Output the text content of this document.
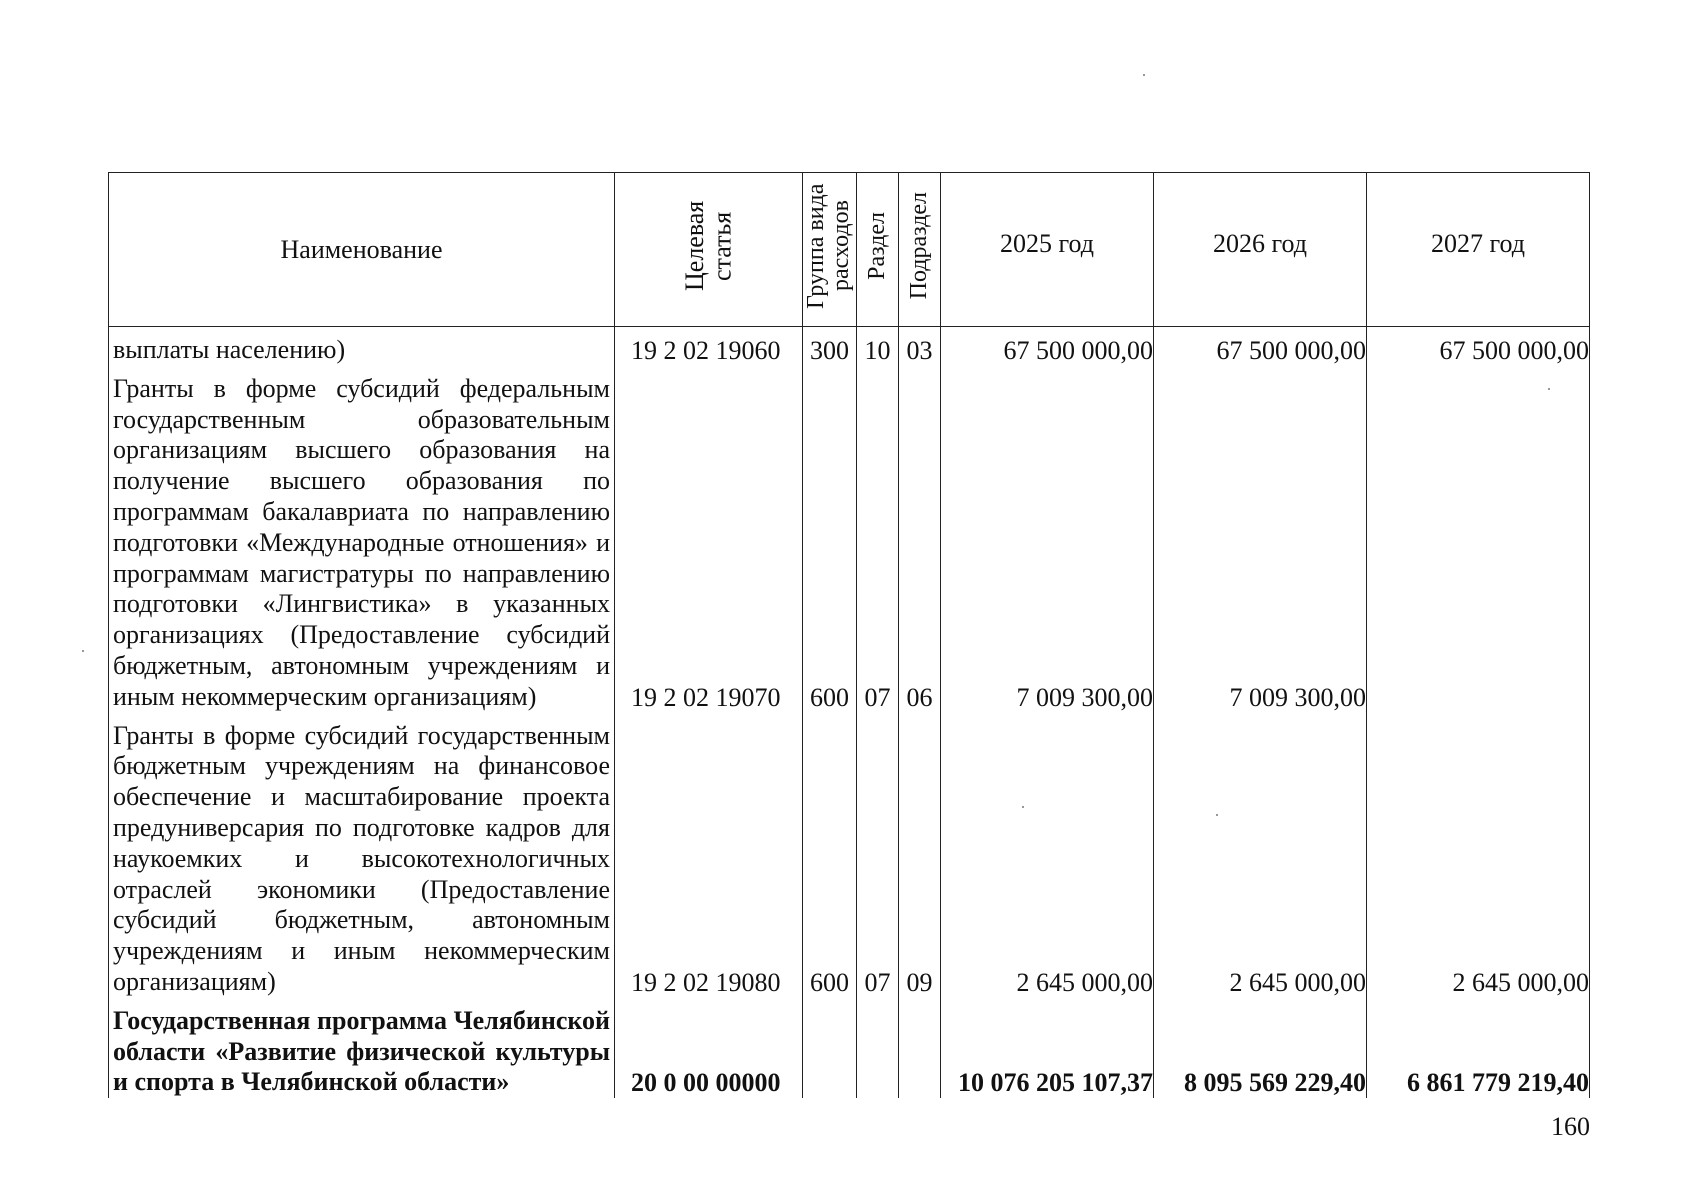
Наименование	Целевая статья	Группа вида расходов	Раздел	Подраздел	2025 год	2026 год	2027 год
выплаты населению)	19 2 02 19060	300	10	03	67 500 000,00	67 500 000,00	67 500 000,00
Гранты в форме субсидий федеральным государственным образовательным организациям высшего образования на получение высшего образования по программам бакалавриата по направлению подготовки «Международные отношения» и программам магистратуры по направлению подготовки «Лингвистика» в указанных организациях (Предоставление субсидий бюджетным, автономным учреждениям и иным некоммерческим организациям)	19 2 02 19070	600	07	06	7 009 300,00	7 009 300,00	
Гранты в форме субсидий государственным бюджетным учреждениям на финансовое обеспечение и масштабирование проекта предуниверсария по подготовке кадров для наукоемких и высокотехнологичных отраслей экономики (Предоставление субсидий бюджетным, автономным учреждениям и иным некоммерческим организациям)	19 2 02 19080	600	07	09	2 645 000,00	2 645 000,00	2 645 000,00
Государственная программа Челябинской области «Развитие физической культуры и спорта в Челябинской области»	20 0 00 00000				10 076 205 107,37	8 095 569 229,40	6 861 779 219,40
160
